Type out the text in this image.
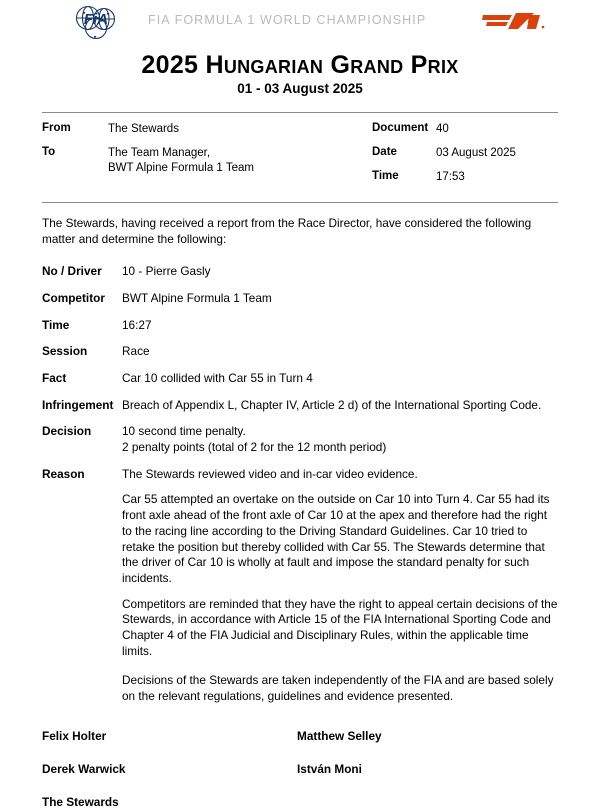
FiA	FIA FORMULA 1 WORLD CHAMPIONSHIP
2025 Hungarian Grand Prix
01 - 03 August 2025
From	The Stewards
To	The Team Manager,
BWT Alpine Formula 1 Team
Document 40
Date	03 August 2025
Time	17:53
The Stewards, having received a report from the Race Director, have considered the following matter and determine the following:
No / Driver	10 - Pierre Gasly
Competitor	BWT Alpine Formula 1 Team
Time	16:27
Session	Race
Fact	Car 10 collided with Car 55 in Turn 4
Infringement Breach of Appendix L, Chapter IV, Article 2 d) of the International Sporting Code.
Decision	10 second time penalty.

2 penalty points (total of 2 for the 12 month period)

Reason	The Stewards reviewed video and in-car video evidence.

Car 55 attempted an overtake on the outside on Car 10 into Turn 4. Car 55 had its front axle ahead of the front axle of Car 10 at the apex and therefore had the right to the racing line according to the Driving Standard Guidelines. Car 10 tried to retake the position but thereby collided with Car 55. The Stewards determine that the driver of Car 10 is wholly at fault and impose the standard penalty for such incidents.

Competitors are reminded that they have the right to appeal certain decisions of the Stewards, in accordance with Article 15 of the FIA International Sporting Code and Chapter 4 of the FIA Judicial and Disciplinary Rules, within the applicable time limits.

Decisions of the Stewards are taken independently of the FIA and are based solely on the relevant regulations, guidelines and evidence presented.

Felix Holter	Matthew Selley
Derek Warwick	István Moni
The Stewards
